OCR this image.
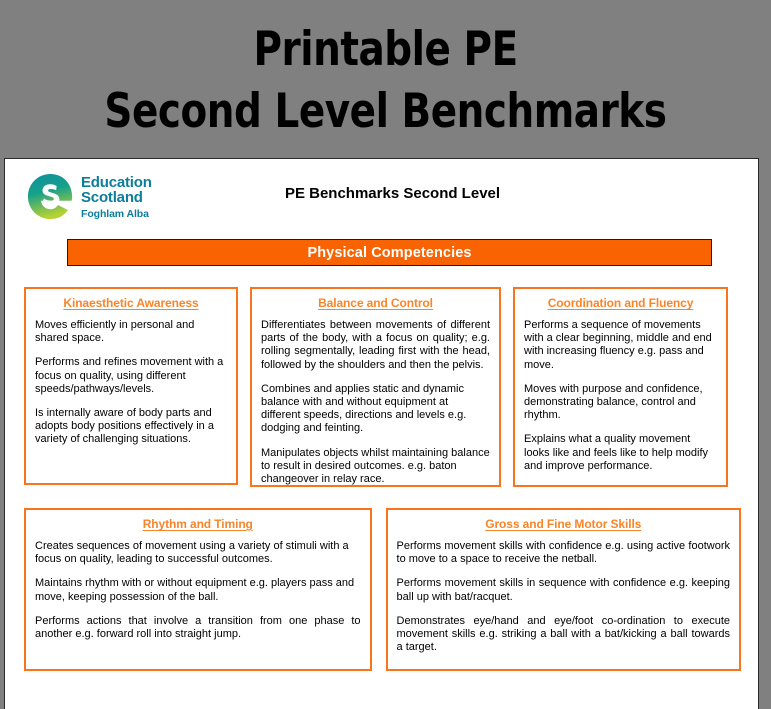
Printable PE
Second Level Benchmarks
Education
Scotland
Foghlam Alba
PE Benchmarks Second Level
Physical Competencies
Kinaesthetic Awareness

Moves efficiently in personal and shared space.

Performs and refines movement with a focus on quality, using different speeds/pathways/levels.

Is internally aware of body parts and adopts body positions effectively in a variety of challenging situations.

Balance and Control

Differentiates between movements of different parts of the body, with a focus on quality; e.g. rolling segmentally, leading first with the head, followed by the shoulders and then the pelvis.

Combines and applies static and dynamic balance with and without equipment at different speeds, directions and levels e.g. dodging and feinting.

Manipulates objects whilst maintaining balance to result in desired outcomes. e.g. baton changeover in relay race.

Coordination and Fluency

Performs a sequence of movements with a clear beginning, middle and end with increasing fluency e.g. pass and move.

Moves with purpose and confidence, demonstrating balance, control and rhythm.

Explains what a quality movement looks like and feels like to help modify and improve performance.

Rhythm and Timing

Creates sequences of movement using a variety of stimuli with a focus on quality, leading to successful outcomes.

Maintains rhythm with or without equipment e.g. players pass and move, keeping possession of the ball.

Performs actions that involve a transition from one phase to another e.g. forward roll into straight jump.

Gross and Fine Motor Skills

Performs movement skills with confidence e.g. using active footwork to move to a space to receive the netball.

Performs movement skills in sequence with confidence e.g. keeping ball up with bat/racquet.

Demonstrates eye/hand and eye/foot co-ordination to execute movement skills e.g. striking a ball with a bat/kicking a ball towards a target.
